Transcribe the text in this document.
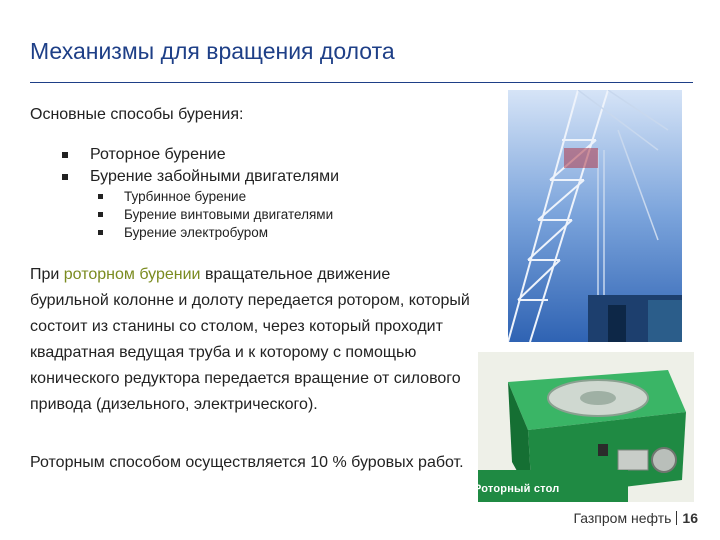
Механизмы для вращения долота
Основные способы бурения:
Роторное бурение
Бурение забойными двигателями
Турбинное бурение
Бурение винтовыми двигателями
Бурение электробуром

При роторном бурении вращательное движение бурильной колонне и долоту передается ротором, который состоит из станины со столом, через который проходит квадратная ведущая труба и к которому с помощью конического редуктора передается вращение от силового привода (дизельного, электрического).

Роторным способом осуществляется 10 % буровых работ.

Роторный стол
Газпром нефть 16
